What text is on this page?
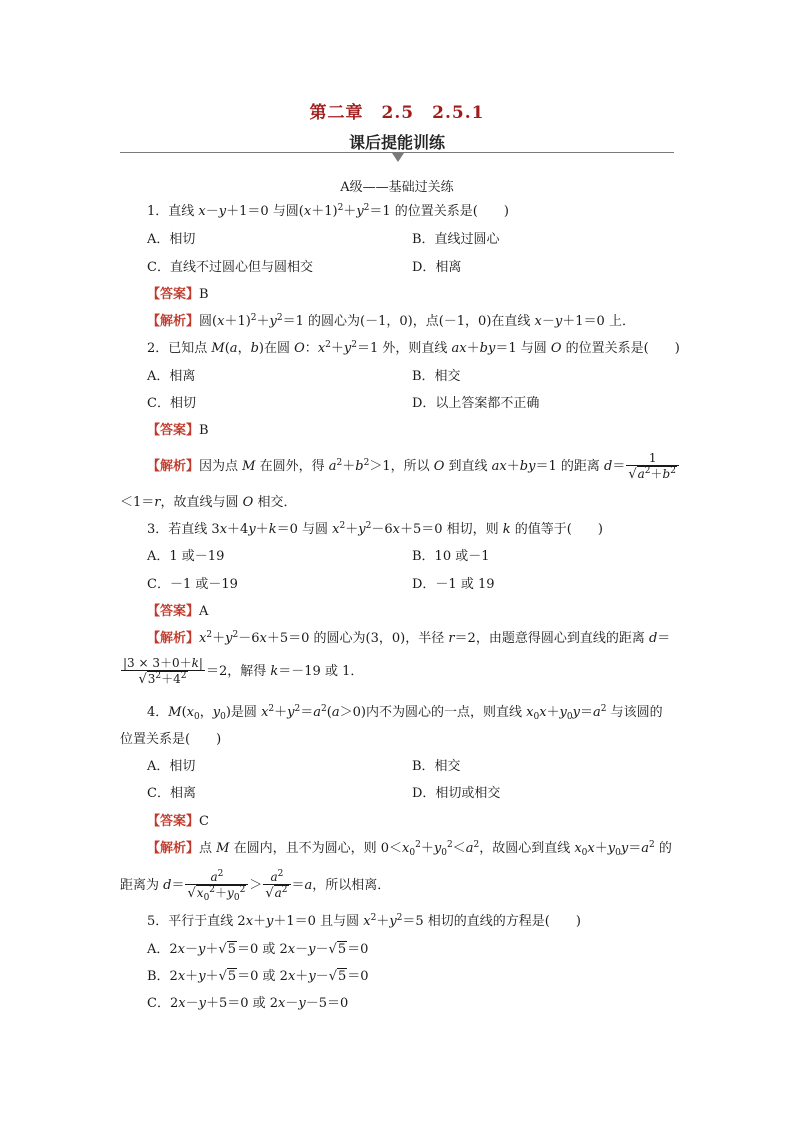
第二章　2.5　2.5.1
课后提能训练
A级——基础过关练
1．直线 x－y＋1＝0 与圆$(x+1)^2+y^2=1$ 的位置关系是(　　)
A．相切	B．直线过圆心
C．直线不过圆心但与圆相交	D．相离
【答案】B
【解析】圆$(x+1)^2+y^2=1$ 的圆心为(－1，0)，点(－1，0)在直线 x－y＋1＝0 上．
2．已知点 M(a，b)在圆 O：$x^2+y^2=1$ 外，则直线 ax＋by＝1 与圆 O 的位置关系是(　　)
A．相离	B．相交
C．相切	D．以上答案都不正确
【答案】B
【解析】因为点 M 在圆外，得 $a^2+b^2>1$，所以 O 到直线 ax＋by＝1 的距离 $d= \frac{1}{√a^2+b^2}$
＜1＝r，故直线与圆 O 相交．
3．若直线 3x＋4y＋k＝0 与圆 $x^2+y^2-6x+5=0$ 相切，则 k 的值等于(　　)
A．1 或－19	B．10 或－1
C．－1 或－19	D．－1 或 19
【答案】A
【解析】$x^2+y^2-6x+5=0$ 的圆心为(3，0)，半径 r＝2，由题意得圆心到直线的距离 d＝
$\frac{|3 \times 3+0+k|}{√3^2+4^2} =2$，解得 k＝－19 或 1．
4．$M(x_0$，$y_0$)是圆 $x^2+y^2=a^2(a>0)$内不为圆心的一点，则直线 $x_0x+y_0y=a^2$ 与该圆的
位置关系是(　　)
A．相切	B．相交
C．相离	D．相切或相交
【答案】C
【解析】点 M 在圆内，且不为圆心，则 $0<x_0^2+y_0^2<a^2$，故圆心到直线 $x_0x+y_0y=a^2$ 的
距离为 $d= \frac{a^2}{√x_0^2+y_0^2} > \frac{a^2}{√a^2} =a$，所以相离．
5．平行于直线 2x＋y＋1＝0 且与圆 $x^2+y^2=5$ 相切的直线的方程是(　　)
A．2x－y＋√5＝0 或 2x－y－√5＝0
B．2x＋y＋√5＝0 或 2x＋y－√5＝0
C．2x－y＋5＝0 或 2x－y－5＝0
